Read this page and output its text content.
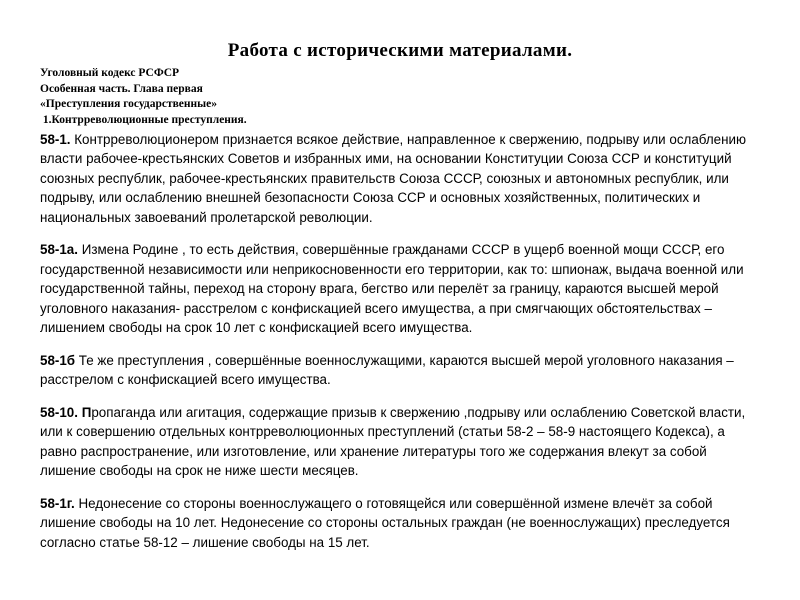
Работа с историческими материалами.
Уголовный кодекс РСФСР
Особенная часть. Глава первая
«Преступления государственные»
1.Контрреволюционные преступления.

58-1. Контрреволюционером признается всякое действие, направленное к свержению, подрыву или ослаблению власти рабочее-крестьянских Советов и избранных ими, на основании Конституции Союза ССР и конституций союзных республик, рабочее-крестьянских правительств Союза СССР, союзных и автономных республик, или подрыву, или ослаблению внешней безопасности Союза ССР и основных хозяйственных, политических и национальных завоеваний пролетарской революции.

58-1а. Измена Родине , то есть действия, совершённые гражданами СССР в ущерб военной мощи СССР, его государственной независимости или неприкосновенности его территории, как то: шпионаж, выдача военной или государственной тайны, переход на сторону врага, бегство или перелёт за границу, караются высшей мерой уголовного наказания- расстрелом с конфискацией всего имущества, а при смягчающих обстоятельствах – лишением свободы на срок 10 лет с конфискацией всего имущества.

58-1б Те же преступления , совершённые военнослужащими, караются высшей мерой уголовного наказания – расстрелом с конфискацией всего имущества.

58-10. Пропаганда или агитация, содержащие призыв к свержению ,подрыву или ослаблению Советской власти, или к совершению отдельных контрреволюционных преступлений (статьи 58-2 – 58-9 настоящего Кодекса), а равно распространение, или изготовление, или хранение литературы того же содержания влекут за собой лишение свободы на срок не ниже шести месяцев.

58-1г. Недонесение со стороны военнослужащего о готовящейся или совершённой измене влечёт за собой лишение свободы на 10 лет. Недонесение со стороны остальных граждан (не военнослужащих) преследуется согласно статье 58-12 – лишение свободы на 15 лет.
